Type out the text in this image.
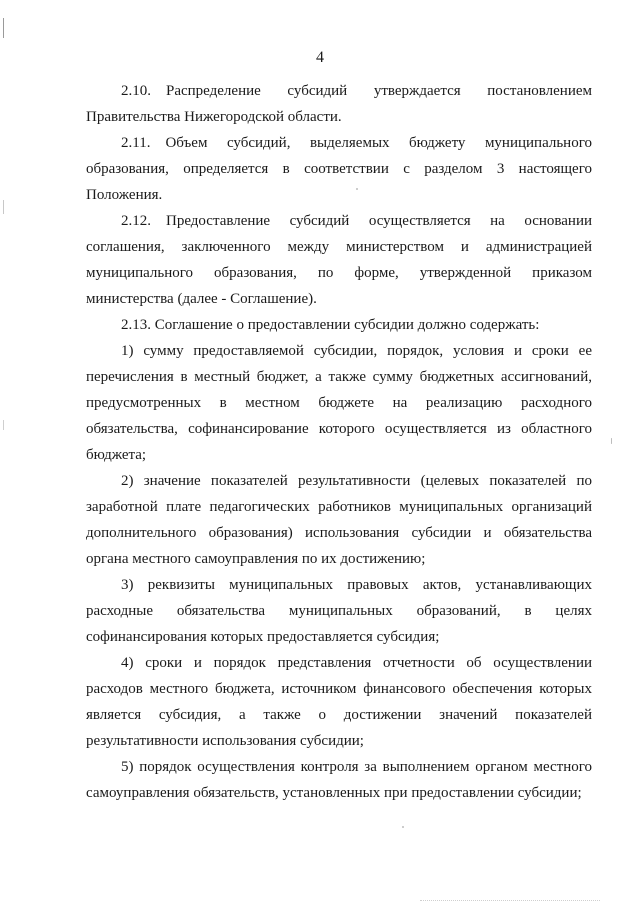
4

2.10. Распределение субсидий утверждается постановлением Правительства Нижегородской области.

2.11. Объем субсидий, выделяемых бюджету муниципального образования, определяется в соответствии с разделом 3 настоящего Положения.

2.12. Предоставление субсидий осуществляется на основании соглашения, заключенного между министерством и администрацией муниципального образования, по форме, утвержденной приказом министерства (далее - Соглашение).

2.13. Соглашение о предоставлении субсидии должно содержать:

1) сумму предоставляемой субсидии, порядок, условия и сроки ее перечисления в местный бюджет, а также сумму бюджетных ассигнований, предусмотренных в местном бюджете на реализацию расходного обязательства, софинансирование которого осуществляется из областного бюджета;

2) значение показателей результативности (целевых показателей по заработной плате педагогических работников муниципальных организаций дополнительного образования) использования субсидии и обязательства органа местного самоуправления по их достижению;

3) реквизиты муниципальных правовых актов, устанавливающих расходные обязательства муниципальных образований, в целях софинансирования которых предоставляется субсидия;

4) сроки и порядок представления отчетности об осуществлении расходов местного бюджета, источником финансового обеспечения которых является субсидия, а также о достижении значений показателей результативности использования субсидии;

5) порядок осуществления контроля за выполнением органом местного самоуправления обязательств, установленных при предоставлении субсидии;
